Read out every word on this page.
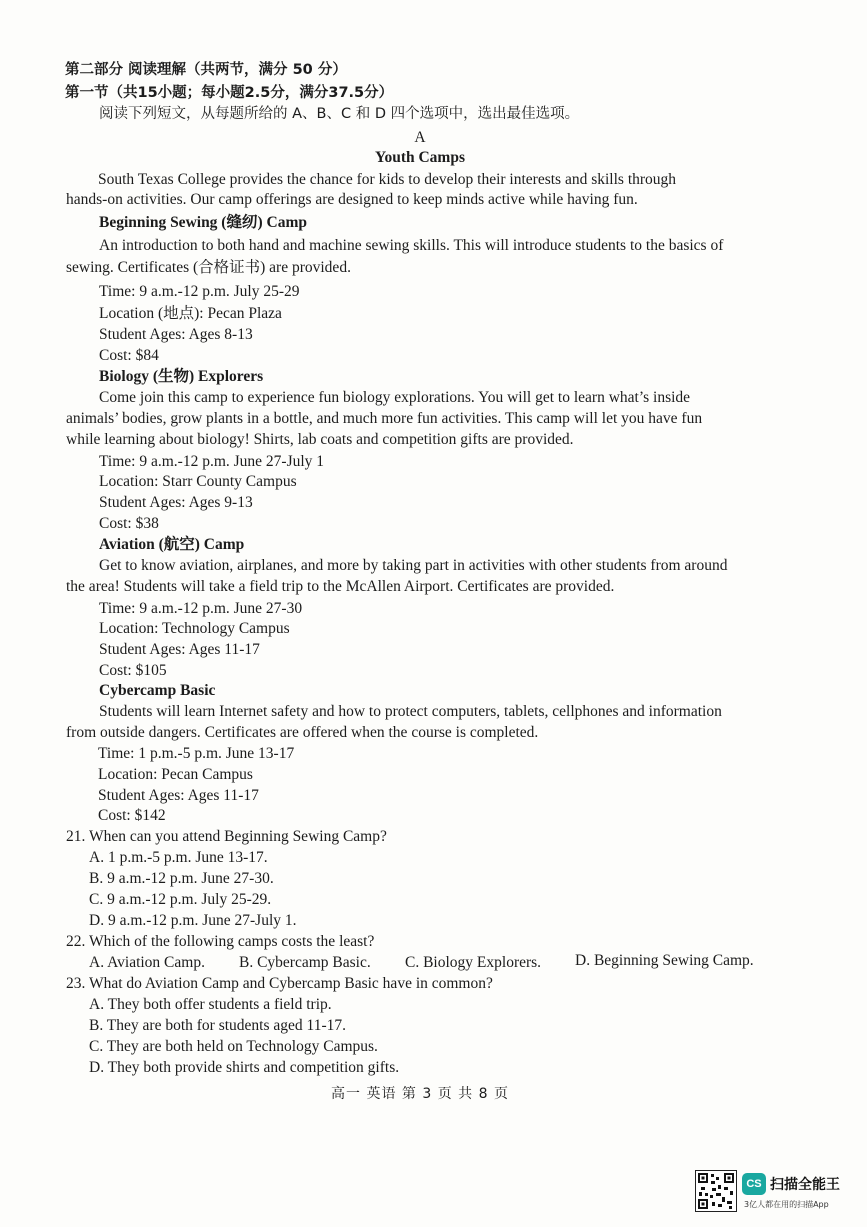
第二部分 阅读理解（共两节，满分 50 分）
第一节（共15小题；每小题2.5分，满分37.5分）
阅读下列短文，从每题所给的 A、B、C 和 D 四个选项中，选出最佳选项。
A
Youth Camps
South Texas College provides the chance for kids to develop their interests and skills through
hands-on activities. Our camp offerings are designed to keep minds active while having fun.
Beginning Sewing (缝纫) Camp
An introduction to both hand and machine sewing skills. This will introduce students to the basics of
sewing. Certificates (合格证书) are provided.
Time: 9 a.m.-12 p.m. July 25-29
Location (地点): Pecan Plaza
Student Ages: Ages 8-13
Cost: $84
Biology (生物) Explorers
Come join this camp to experience fun biology explorations. You will get to learn what’s inside
animals’ bodies, grow plants in a bottle, and much more fun activities. This camp will let you have fun
while learning about biology! Shirts, lab coats and competition gifts are provided.
Time: 9 a.m.-12 p.m. June 27-July 1
Location: Starr County Campus
Student Ages: Ages 9-13
Cost: $38
Aviation (航空) Camp
Get to know aviation, airplanes, and more by taking part in activities with other students from around
the area! Students will take a field trip to the McAllen Airport. Certificates are provided.
Time: 9 a.m.-12 p.m. June 27-30
Location: Technology Campus
Student Ages: Ages 11-17
Cost: $105
Cybercamp Basic
Students will learn Internet safety and how to protect computers, tablets, cellphones and information
from outside dangers. Certificates are offered when the course is completed.
Time: 1 p.m.-5 p.m. June 13-17
Location: Pecan Campus
Student Ages: Ages 11-17
Cost: $142
21. When can you attend Beginning Sewing Camp?
A. 1 p.m.-5 p.m. June 13-17.
B. 9 a.m.-12 p.m. June 27-30.
C. 9 a.m.-12 p.m. July 25-29.
D. 9 a.m.-12 p.m. June 27-July 1.
22. Which of the following camps costs the least?
A. Aviation Camp. B. Cybercamp Basic. C. Biology Explorers. D. Beginning Sewing Camp.
23. What do Aviation Camp and Cybercamp Basic have in common?
A. They both offer students a field trip.
B. They are both for students aged 11-17.
C. They are both held on Technology Campus.
D. They both provide shirts and competition gifts.
高一 英语 第 3 页 共 8 页
CS 扫描全能王
3亿人都在用的扫描App
